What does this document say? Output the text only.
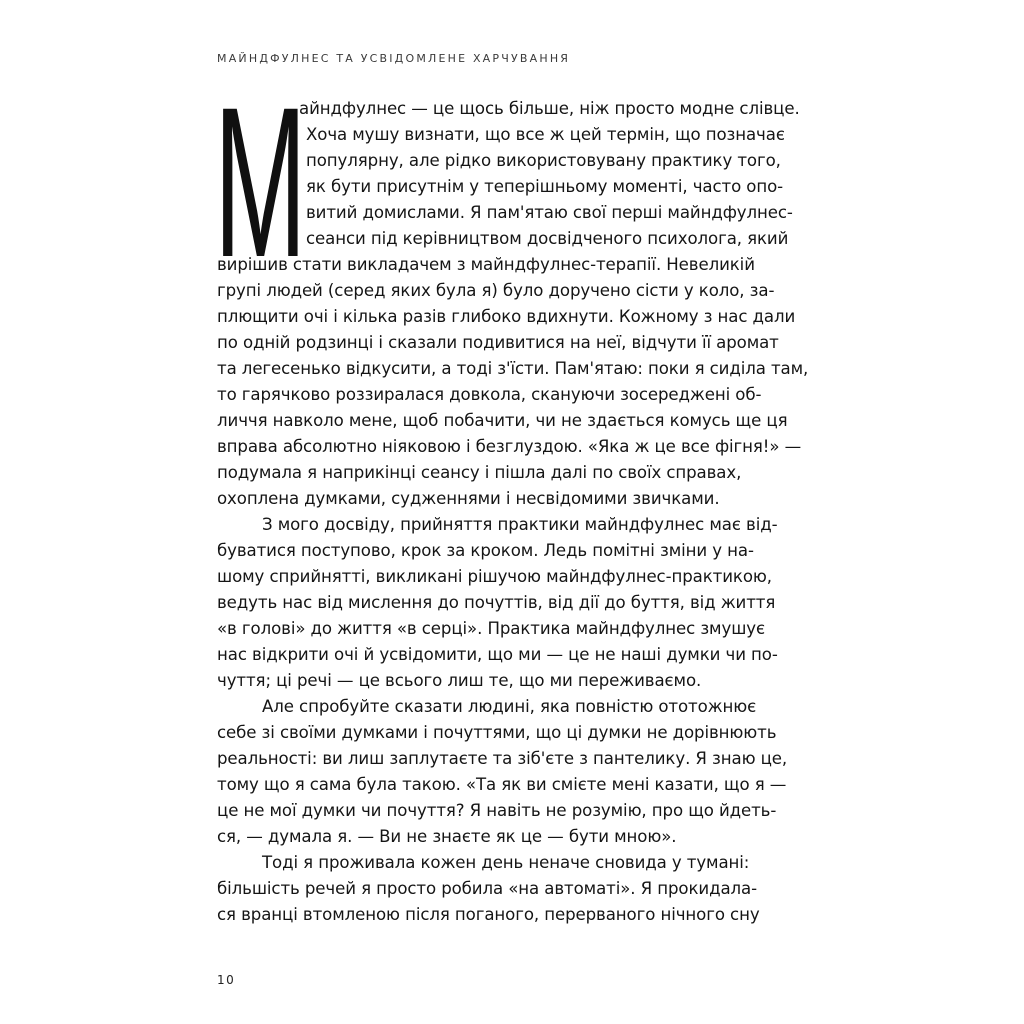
МАЙНДФУЛНЕС ТА УСВІДОМЛЕНЕ ХАРЧУВАННЯ
М
айндфулнес — це щось більше, ніж просто модне слівце.
Хоча мушу визнати, що все ж цей термін, що позначає
популярну, але рідко використовувану практику того,
як бути присутнім у теперішньому моменті, часто опо-
витий домислами. Я пам'ятаю свої перші майндфулнес-
сеанси під керівництвом досвідченого психолога, який
вирішив стати викладачем з майндфулнес-терапії. Невеликій
групі людей (серед яких була я) було доручено сісти у коло, за-
плющити очі і кілька разів глибоко вдихнути. Кожному з нас дали
по одній родзинці і сказали подивитися на неї, відчути її аромат
та легесенько відкусити, а тоді з'їсти. Пам'ятаю: поки я сиділа там,
то гарячково роззиралася довкола, скануючи зосереджені об-
личчя навколо мене, щоб побачити, чи не здається комусь ще ця
вправа абсолютно ніяковою і безглуздою. «Яка ж це все фігня!» —
подумала я наприкінці сеансу і пішла далі по своїх справах,
охоплена думками, судженнями і несвідомими звичками.
З мого досвіду, прийняття практики майндфулнес має від-
буватися поступово, крок за кроком. Ледь помітні зміни у на-
шому сприйнятті, викликані рішучою майндфулнес-практикою,
ведуть нас від мислення до почуттів, від дії до буття, від життя
«в голові» до життя «в серці». Практика майндфулнес змушує
нас відкрити очі й усвідомити, що ми — це не наші думки чи по-
чуття; ці речі — це всього лиш те, що ми переживаємо.
Але спробуйте сказати людині, яка повністю ототожнює
себе зі своїми думками і почуттями, що ці думки не дорівнюють
реальності: ви лиш заплутаєте та зіб'єте з пантелику. Я знаю це,
тому що я сама була такою. «Та як ви смієте мені казати, що я —
це не мої думки чи почуття? Я навіть не розумію, про що йдеть-
ся, — думала я. — Ви не знаєте як це — бути мною».
Тоді я проживала кожен день неначе сновида у тумані:
більшість речей я просто робила «на автоматі». Я прокидала-
ся вранці втомленою після поганого, перерваного нічного сну
10
